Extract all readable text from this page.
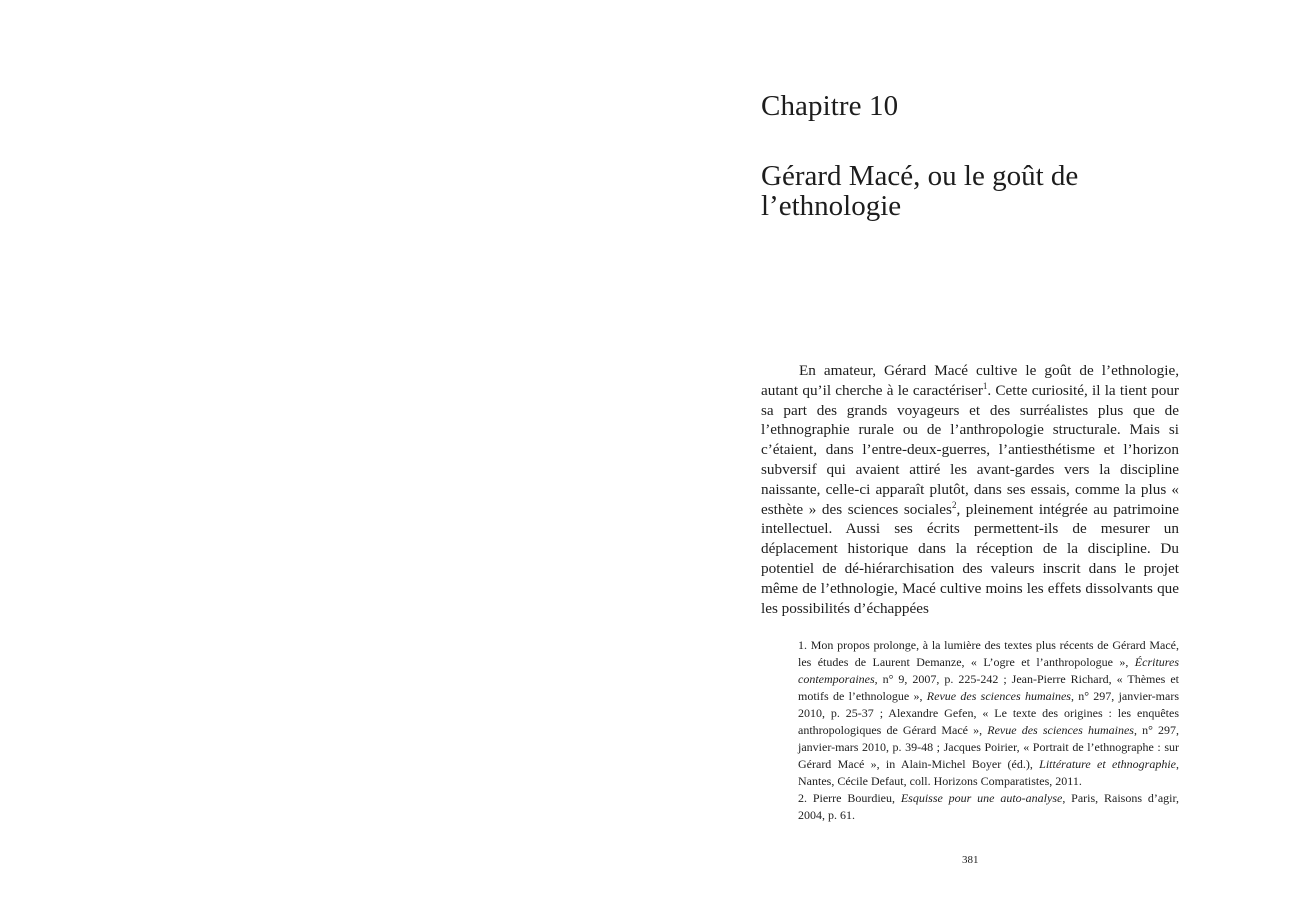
Chapitre 10
Gérard Macé, ou le goût de l’ethnologie

En amateur, Gérard Macé cultive le goût de l’ethnologie, autant qu’il cherche à le caractériser$^1$. Cette curiosité, il la tient pour sa part des grands voyageurs et des surréalistes plus que de l’ethnographie rurale ou de l’anthropologie structurale. Mais si c’étaient, dans l’entre-deux-guerres, l’antiesthétisme et l’horizon subversif qui avaient attiré les avant-gardes vers la discipline naissante, celle-ci apparaît plutôt, dans ses essais, comme la plus « esthète » des sciences sociales$^2$, pleinement intégrée au patrimoine intellectuel. Aussi ses écrits permettent-ils de mesurer un déplacement historique dans la réception de la discipline. Du potentiel de dé-hiérarchisation des valeurs inscrit dans le projet même de l’ethnologie, Macé cultive moins les effets dissolvants que les possibilités d’échappées

1. Mon propos prolonge, à la lumière des textes plus récents de Gérard Macé, les études de Laurent Demanze, « L’ogre et l’anthropologue », Écritures contemporaines, n° 9, 2007, p. 225-242 ; Jean-Pierre Richard, « Thèmes et motifs de l’ethnologue », Revue des sciences humaines, n° 297, janvier-mars 2010, p. 25-37 ; Alexandre Gefen, « Le texte des origines : les enquêtes anthropologiques de Gérard Macé », Revue des sciences humaines, n° 297, janvier-mars 2010, p. 39-48 ; Jacques Poirier, « Portrait de l’ethnographe : sur Gérard Macé », in Alain-Michel Boyer (éd.), Littérature et ethnographie, Nantes, Cécile Defaut, coll. Horizons Comparatistes, 2011.

2. Pierre Bourdieu, Esquisse pour une auto-analyse, Paris, Raisons d’agir, 2004, p. 61.

381
